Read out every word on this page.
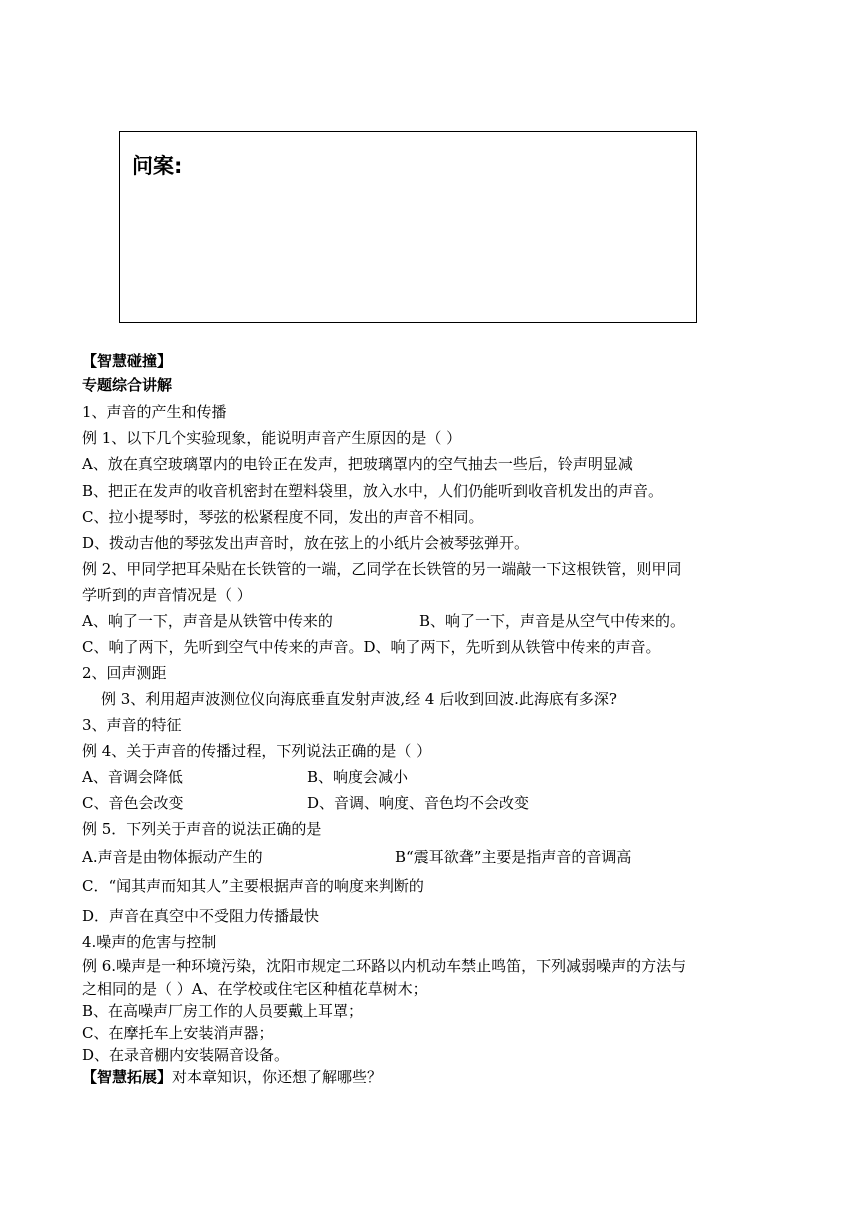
问案:
【智慧碰撞】
专题综合讲解
1、声音的产生和传播
例 1、以下几个实验现象，能说明声音产生原因的是（ ）
A、放在真空玻璃罩内的电铃正在发声，把玻璃罩内的空气抽去一些后，铃声明显减
B、把正在发声的收音机密封在塑料袋里，放入水中，人们仍能听到收音机发出的声音。
C、拉小提琴时，琴弦的松紧程度不同，发出的声音不相同。
D、拨动吉他的琴弦发出声音时，放在弦上的小纸片会被琴弦弹开。
例 2、甲同学把耳朵贴在长铁管的一端，乙同学在长铁管的另一端敲一下这根铁管，则甲同
学听到的声音情况是（ ）
A、响了一下，声音是从铁管中传来的	B、响了一下，声音是从空气中传来的。
C、响了两下，先听到空气中传来的声音。D、响了两下，先听到从铁管中传来的声音。
2、回声测距
例 3、利用超声波测位仪向海底垂直发射声波,经 4 后收到回波.此海底有多深?
3、声音的特征
例 4、关于声音的传播过程，下列说法正确的是（ ）
A、音调会降低	B、响度会减小
C、音色会改变	D、音调、响度、音色均不会改变
例 5．下列关于声音的说法正确的是
A.声音是由物体振动产生的	B“震耳欲聋”主要是指声音的音调高
C．“闻其声而知其人”主要根据声音的响度来判断的
D．声音在真空中不受阻力传播最快
4.噪声的危害与控制
例 6.噪声是一种环境污染，沈阳市规定二环路以内机动车禁止鸣笛，下列减弱噪声的方法与
之相同的是（ ）A、在学校或住宅区种植花草树木；
B、在高噪声厂房工作的人员要戴上耳罩；
C、在摩托车上安装消声器；
D、在录音棚内安装隔音设备。
【智慧拓展】对本章知识，你还想了解哪些？
